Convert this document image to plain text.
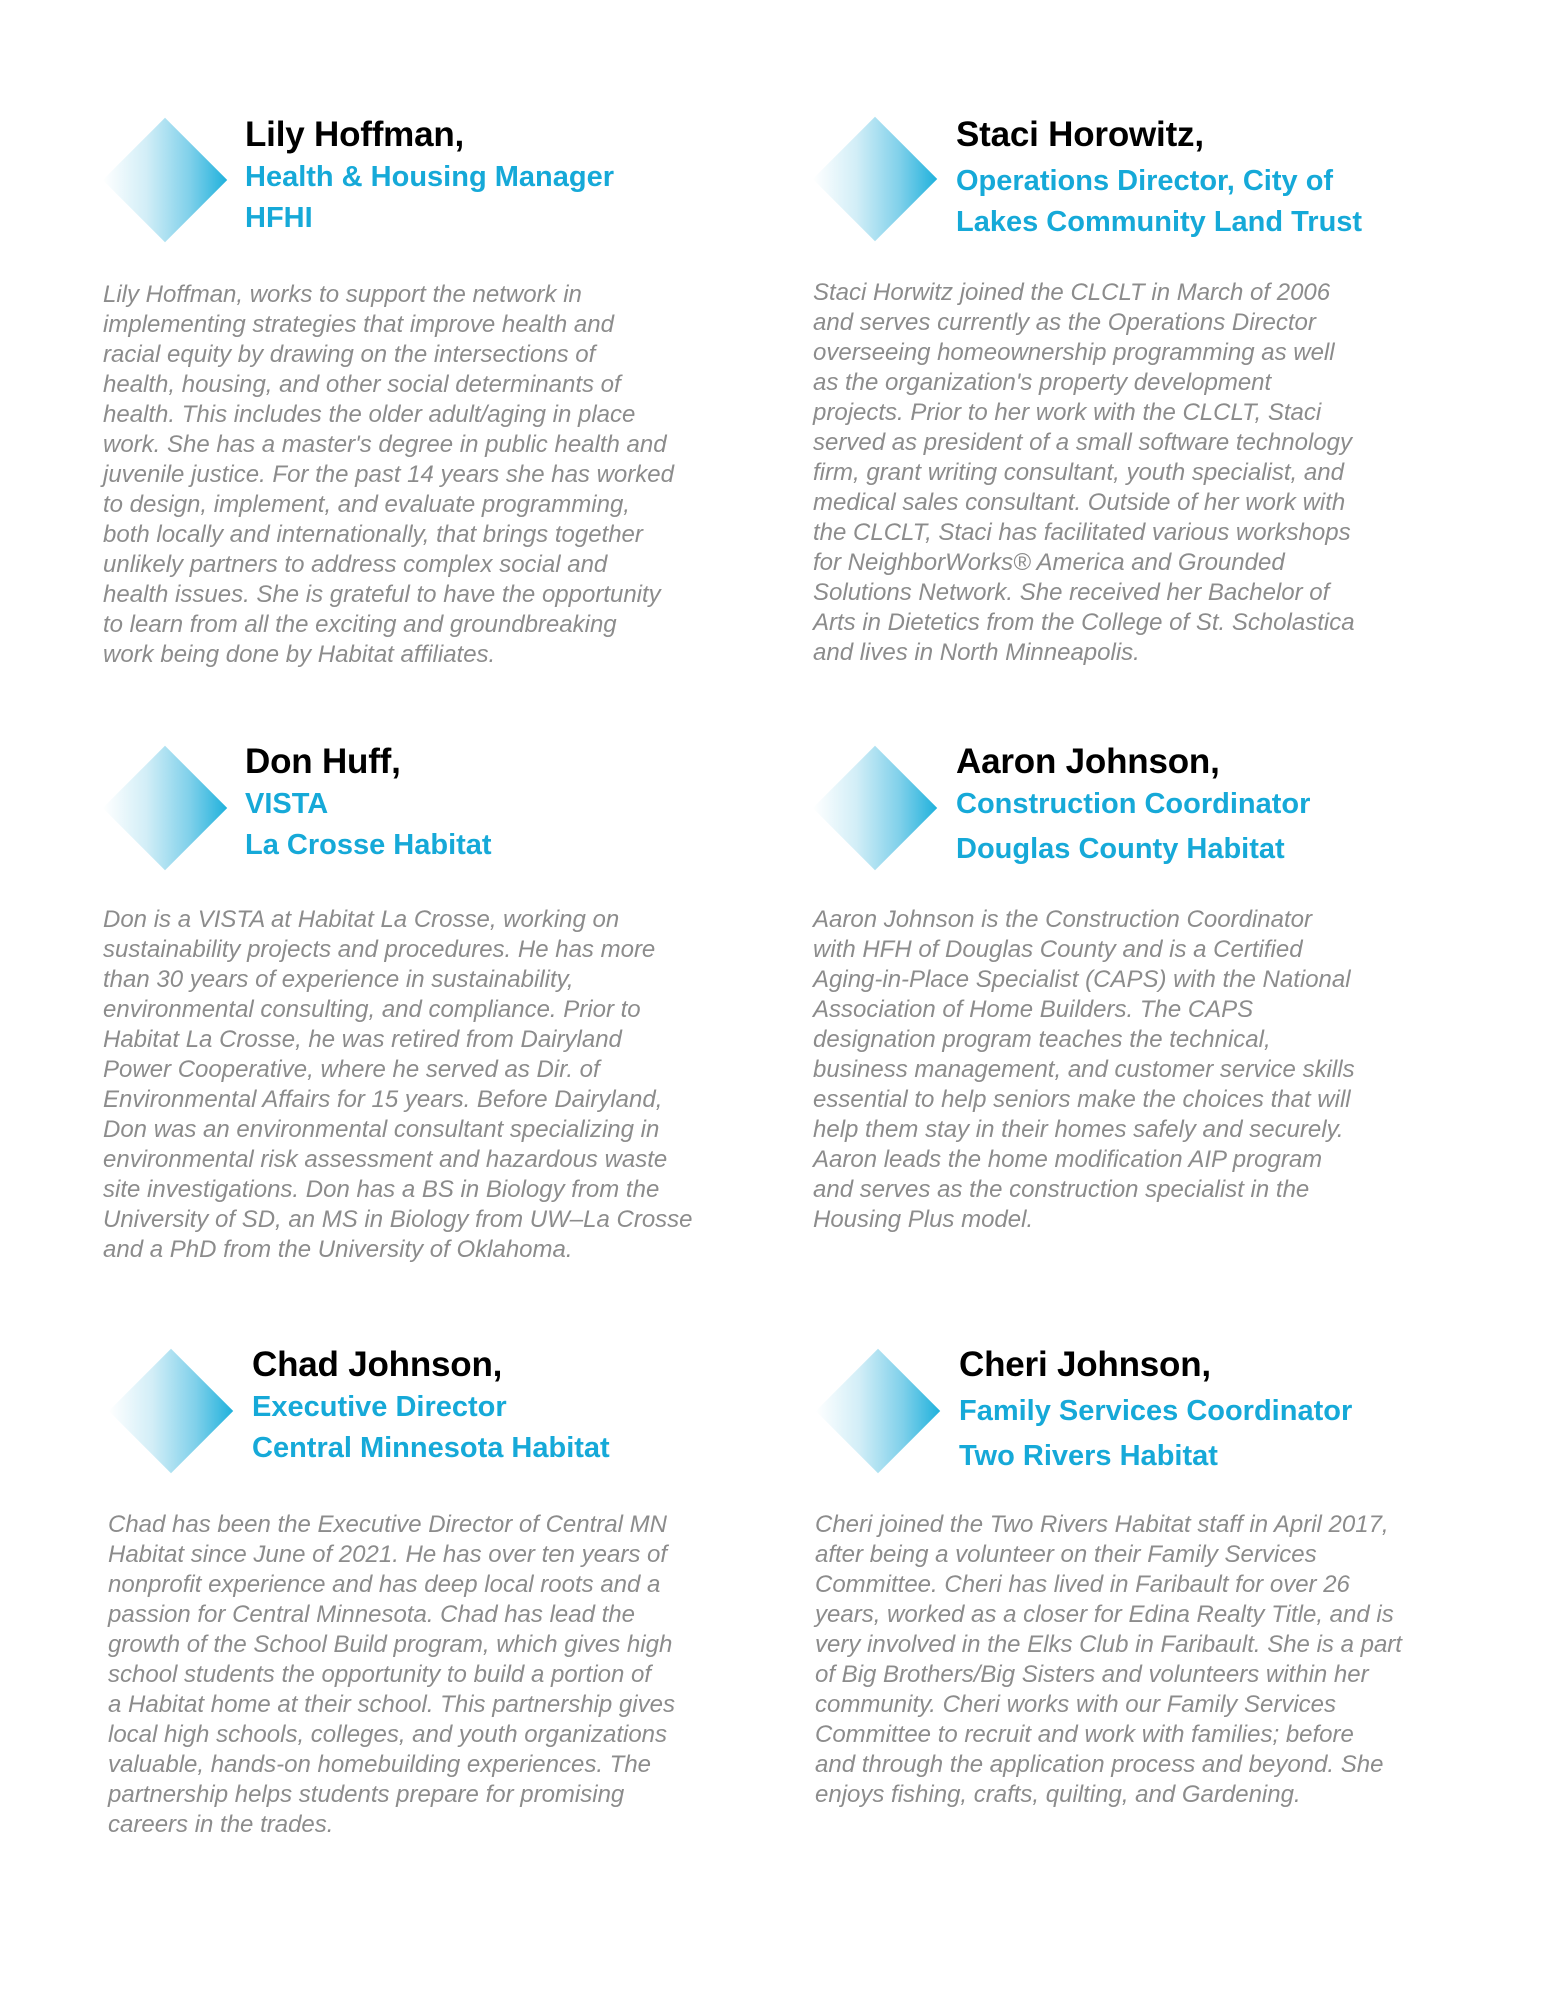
Lily Hoffman,
Health & Housing Manager
HFHI
Lily Hoffman, works to support the network in
implementing strategies that improve health and
racial equity by drawing on the intersections of
health, housing, and other social determinants of
health. This includes the older adult/aging in place
work. She has a master's degree in public health and
juvenile justice. For the past 14 years she has worked
to design, implement, and evaluate programming,
both locally and internationally, that brings together
unlikely partners to address complex social and
health issues. She is grateful to have the opportunity
to learn from all the exciting and groundbreaking
work being done by Habitat affiliates.
Staci Horowitz,
Operations Director, City of
Lakes Community Land Trust
Staci Horwitz joined the CLCLT in March of 2006
and serves currently as the Operations Director
overseeing homeownership programming as well
as the organization's property development
projects. Prior to her work with the CLCLT, Staci
served as president of a small software technology
firm, grant writing consultant, youth specialist, and
medical sales consultant. Outside of her work with
the CLCLT, Staci has facilitated various workshops
for NeighborWorks® America and Grounded
Solutions Network. She received her Bachelor of
Arts in Dietetics from the College of St. Scholastica
and lives in North Minneapolis.
Don Huff,
VISTA
La Crosse Habitat
Don is a VISTA at Habitat La Crosse, working on
sustainability projects and procedures. He has more
than 30 years of experience in sustainability,
environmental consulting, and compliance. Prior to
Habitat La Crosse, he was retired from Dairyland
Power Cooperative, where he served as Dir. of
Environmental Affairs for 15 years. Before Dairyland,
Don was an environmental consultant specializing in
environmental risk assessment and hazardous waste
site investigations. Don has a BS in Biology from the
University of SD, an MS in Biology from UW–La Crosse
and a PhD from the University of Oklahoma.
Aaron Johnson,
Construction Coordinator
Douglas County Habitat
Aaron Johnson is the Construction Coordinator
with HFH of Douglas County and is a Certified
Aging-in-Place Specialist (CAPS) with the National
Association of Home Builders. The CAPS
designation program teaches the technical,
business management, and customer service skills
essential to help seniors make the choices that will
help them stay in their homes safely and securely.
Aaron leads the home modification AIP program
and serves as the construction specialist in the
Housing Plus model.
Chad Johnson,
Executive Director
Central Minnesota Habitat
Chad has been the Executive Director of Central MN
Habitat since June of 2021. He has over ten years of
nonprofit experience and has deep local roots and a
passion for Central Minnesota. Chad has lead the
growth of the School Build program, which gives high
school students the opportunity to build a portion of
a Habitat home at their school. This partnership gives
local high schools, colleges, and youth organizations
valuable, hands-on homebuilding experiences. The
partnership helps students prepare for promising
careers in the trades.
Cheri Johnson,
Family Services Coordinator
Two Rivers Habitat
Cheri joined the Two Rivers Habitat staff in April 2017,
after being a volunteer on their Family Services
Committee. Cheri has lived in Faribault for over 26
years, worked as a closer for Edina Realty Title, and is
very involved in the Elks Club in Faribault. She is a part
of Big Brothers/Big Sisters and volunteers within her
community. Cheri works with our Family Services
Committee to recruit and work with families; before
and through the application process and beyond. She
enjoys fishing, crafts, quilting, and Gardening.
